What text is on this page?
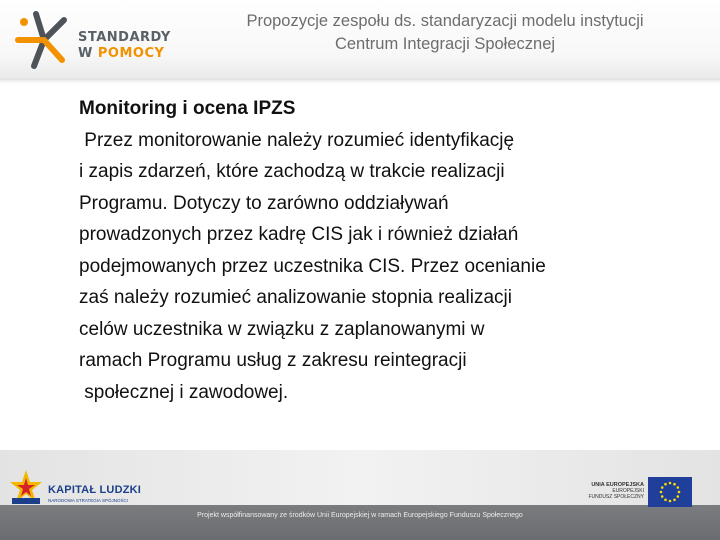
STANDARDY
W POMOCY
Propozycje zespołu ds. standaryzacji modelu instytucji
Centrum Integracji Społecznej

Monitoring i ocena IPZS

Przez monitorowanie należy rozumieć identyfikację

i zapis zdarzeń, które zachodzą w trakcie realizacji

Programu. Dotyczy to zarówno oddziaływań

prowadzonych przez kadrę CIS jak i również działań

podejmowanych przez uczestnika CIS. Przez ocenianie

zaś należy rozumieć analizowanie stopnia realizacji

celów uczestnika w związku z zaplanowanymi w

ramach Programu usług z zakresu reintegracji

społecznej i zawodowej.

KAPITAŁ LUDZKI
NARODOWA STRATEGIA SPÓJNOŚCI
UNIA EUROPEJSKA
EUROPEJSKI
FUNDUSZ SPOŁECZNY
Projekt współfinansowany ze środków Unii Europejskiej w ramach Europejskiego Funduszu Społecznego
